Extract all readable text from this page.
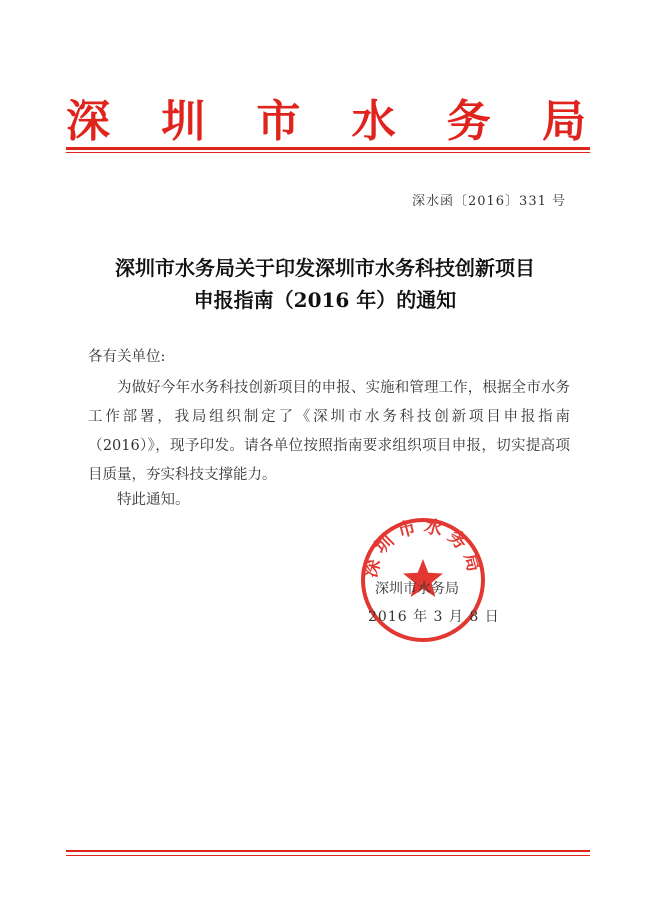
深 圳 市 水 务 局
深水函〔2016〕331 号
深圳市水务局关于印发深圳市水务科技创新项目
申报指南（2016 年）的通知
各有关单位:
为做好今年水务科技创新项目的申报、实施和管理工作，根据全市水务工作部署，我局组织制定了《深圳市水务科技创新项目申报指南（2016）》，现予印发。请各单位按照指南要求组织项目申报，切实提高项目质量，夯实科技支撑能力。
特此通知。
深圳市水务局
深圳市水务局
2016 年 3 月 8 日
